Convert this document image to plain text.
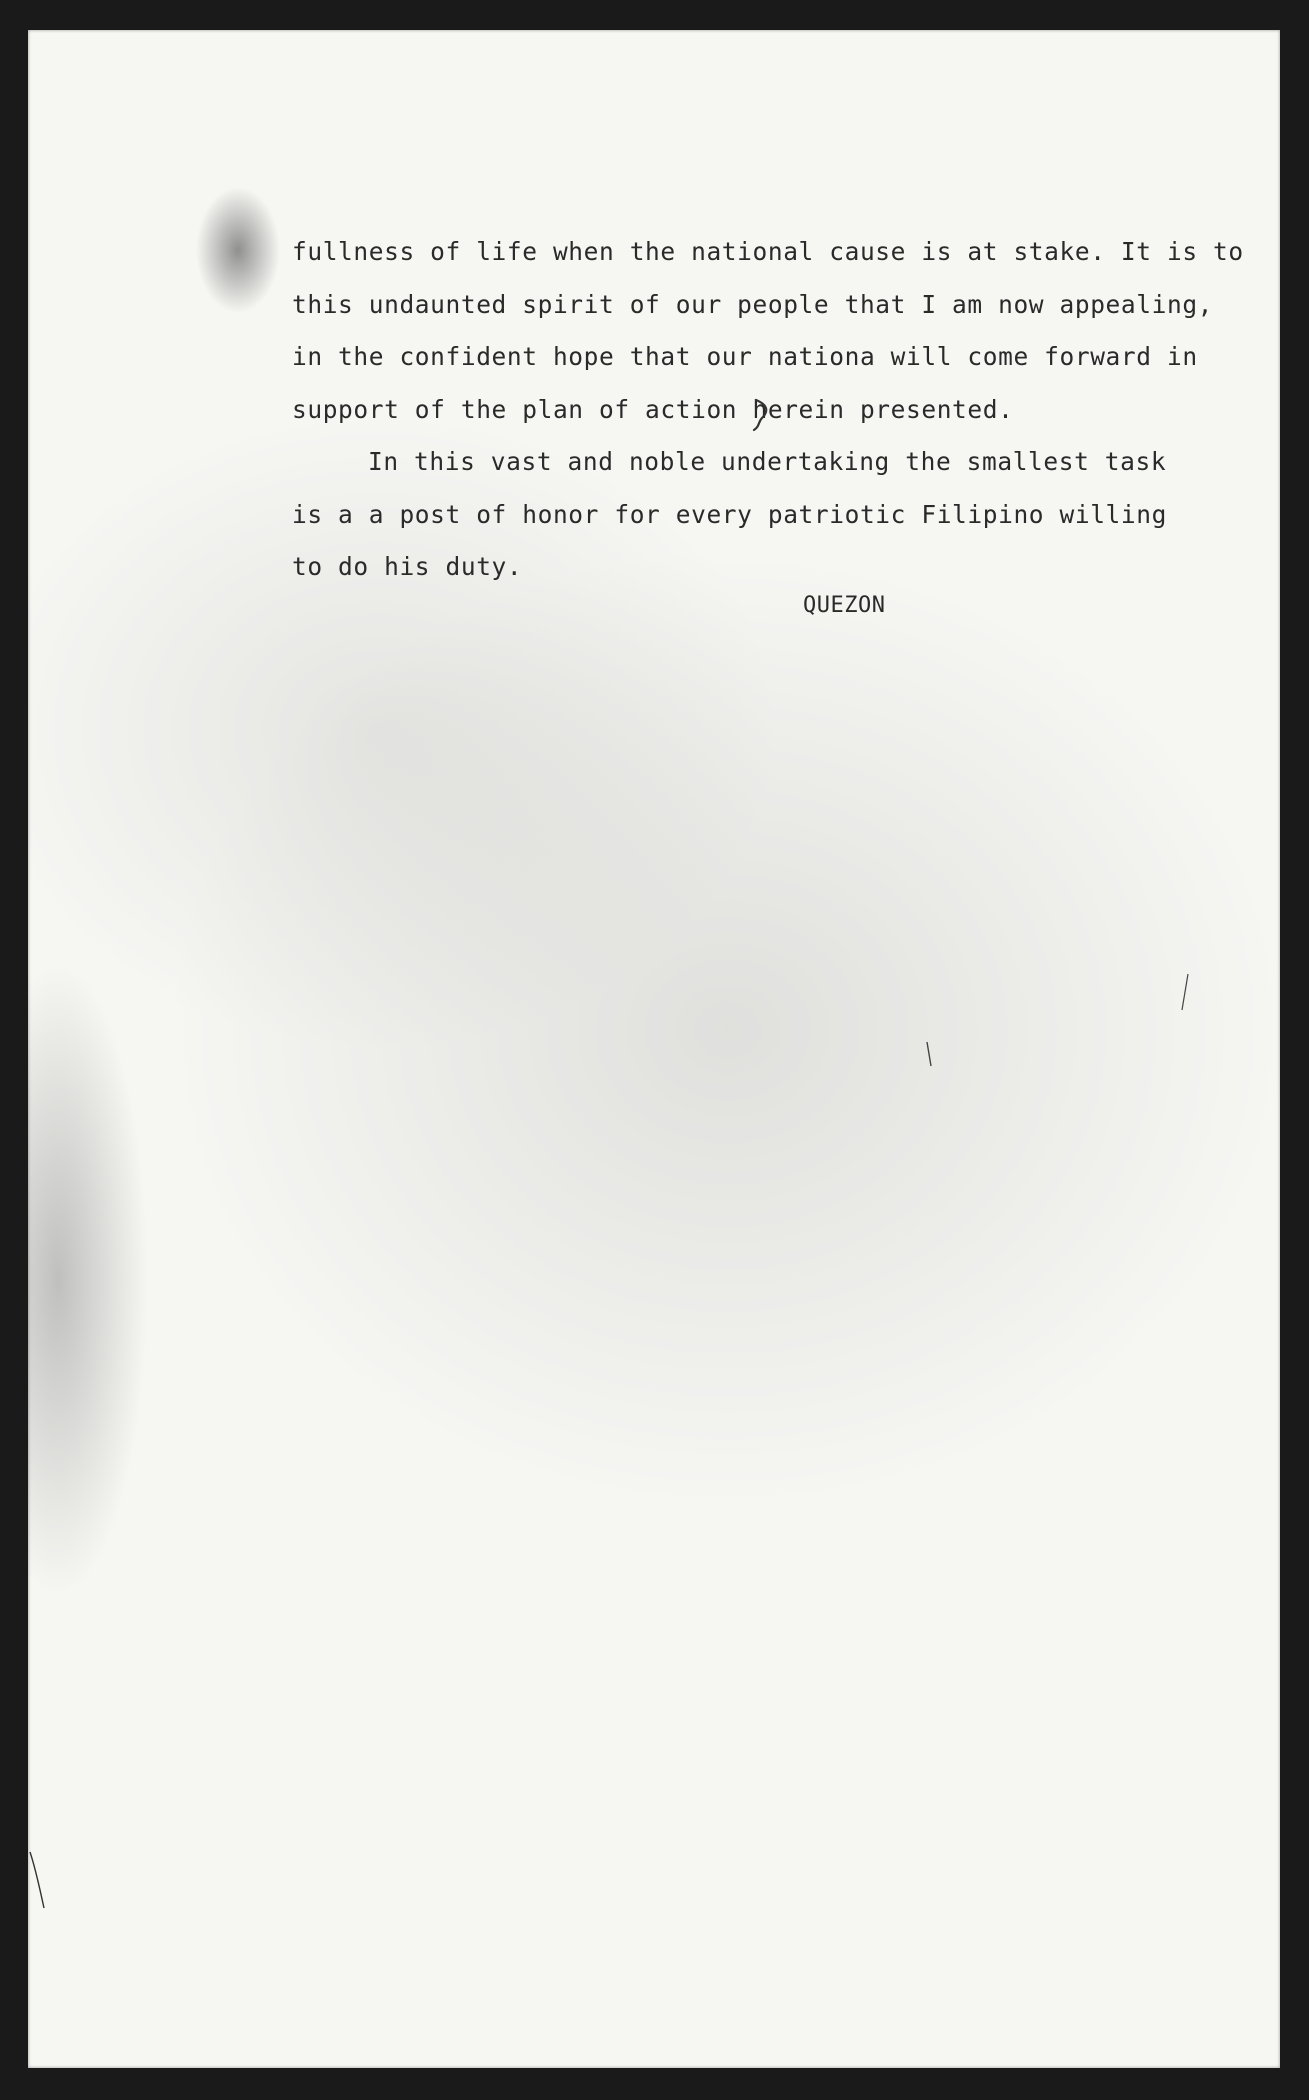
fullness of life when the national cause is at stake. It is to
this undaunted spirit of our people that I am now appealing,
in the confident hope that our nationa will come forward in
support of the plan of action herein presented.
In this vast and noble undertaking the smallest task
is a a post of honor for every patriotic Filipino willing
to do his duty.
QUEZON
